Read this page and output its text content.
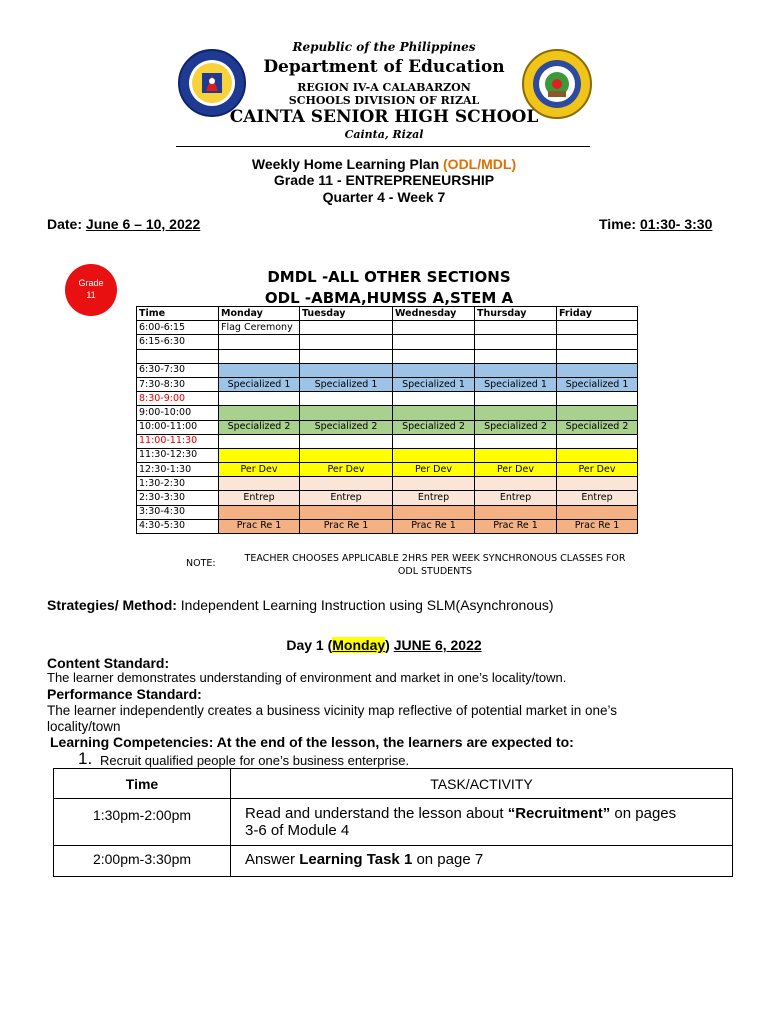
Republic of the Philippines
Department of Education
REGION IV-A CALABARZON
SCHOOLS DIVISION OF RIZAL
CAINTA SENIOR HIGH SCHOOL
Cainta, Rizal
Weekly Home Learning Plan (ODL/MDL)
Grade 11 - ENTREPRENEURSHIP
Quarter 4 - Week 7
Date: June 6 – 10, 2022	Time: 01:30- 3:30
Grade
11
DMDL -ALL OTHER SECTIONS
ODL -ABMA,HUMSS A,STEM A
Time	Monday	Tuesday	Wednesday	Thursday	Friday
6:00-6:15	Flag Ceremony				
6:15-6:30					

6:30-7:30					
7:30-8:30	Specialized 1	Specialized 1	Specialized 1	Specialized 1	Specialized 1
8:30-9:00					
9:00-10:00					
10:00-11:00	Specialized 2	Specialized 2	Specialized 2	Specialized 2	Specialized 2
11:00-11:30					
11:30-12:30					
12:30-1:30	Per Dev	Per Dev	Per Dev	Per Dev	Per Dev
1:30-2:30					
2:30-3:30	Entrep	Entrep	Entrep	Entrep	Entrep
3:30-4:30					
4:30-5:30	Prac Re 1	Prac Re 1	Prac Re 1	Prac Re 1	Prac Re 1
NOTE:	TEACHER CHOOSES APPLICABLE 2HRS PER WEEK SYNCHRONOUS CLASSES FOR
ODL STUDENTS
Strategies/ Method: Independent Learning Instruction using SLM(Asynchronous)
Day 1 (Monday) JUNE 6, 2022
Content Standard:
The learner demonstrates understanding of environment and market in one’s locality/town.
Performance Standard:
The learner independently creates a business vicinity map reflective of potential market in one’s
locality/town
Learning Competencies: At the end of the lesson, the learners are expected to:
1. Recruit qualified people for one’s business enterprise.
Time	TASK/ACTIVITY
1:30pm-2:00pm	Read and understand the lesson about “Recruitment” on pages
3-6 of Module 4
2:00pm-3:30pm	Answer Learning Task 1 on page 7
